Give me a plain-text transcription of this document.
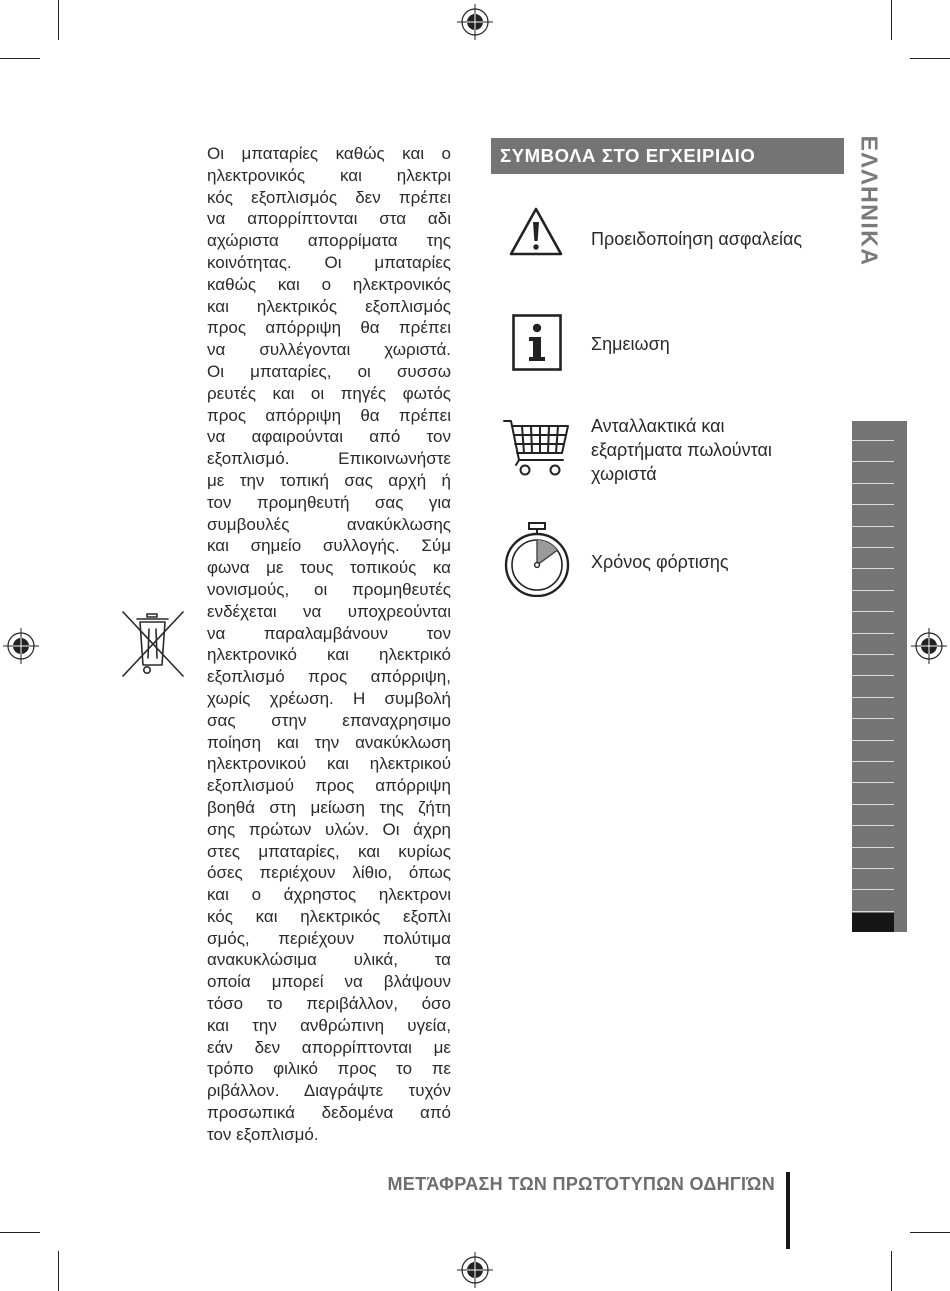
Οι μπαταρίες καθώς και ο
ηλεκτρονικός και ηλεκτρι
κός εξοπλισμός δεν πρέπει
να απορρίπτονται στα αδι
αχώριστα απορρίματα της
κοινότητας. Οι μπαταρίες
καθώς και ο ηλεκτρονικός
και ηλεκτρικός εξοπλισμός
προς απόρριψη θα πρέπει
να συλλέγονται χωριστά.
Οι μπαταρίες, οι συσσω
ρευτές και οι πηγές φωτός
προς απόρριψη θα πρέπει
να αφαιρούνται από τον
εξοπλισμό. Επικοινωνήστε
με την τοπική σας αρχή ή
τον προμηθευτή σας για
συμβουλές ανακύκλωσης
και σημείο συλλογής. Σύμ
φωνα με τους τοπικούς κα
νονισμούς, οι προμηθευτές
ενδέχεται να υποχρεούνται
να παραλαμβάνουν τον
ηλεκτρονικό και ηλεκτρικό
εξοπλισμό προς απόρριψη,
χωρίς χρέωση. Η συμβολή
σας στην επαναχρησιμο
ποίηση και την ανακύκλωση
ηλεκτρονικού και ηλεκτρικού
εξοπλισμού προς απόρριψη
βοηθά στη μείωση της ζήτη
σης πρώτων υλών. Οι άχρη
στες μπαταρίες, και κυρίως
όσες περιέχουν λίθιο, όπως
και ο άχρηστος ηλεκτρονι
κός και ηλεκτρικός εξοπλι
σμός, περιέχουν πολύτιμα
ανακυκλώσιμα υλικά, τα
οποία μπορεί να βλάψουν
τόσο το περιβάλλον, όσο
και την ανθρώπινη υγεία,
εάν δεν απορρίπτονται με
τρόπο φιλικό προς το πε
ριβάλλον. Διαγράψτε τυχόν
προσωπικά δεδομένα από
τον εξοπλισμό.
ΣΥΜΒΟΛΑ ΣΤΟ ΕΓΧΕΙΡΙΔΙΟ	ΕΛΛΗΝΙΚΑ
Προειδοποίηση ασφαλείας
Σημειωση
Ανταλλακτικά και
εξαρτήματα πωλούνται
χωριστά
Χρόνος φόρτισης
ΜΕΤΆΦΡΑΣΗ ΤΩΝ ΠΡΩΤΌΤΥΠΩΝ ΟΔΗΓΙΏΝ
